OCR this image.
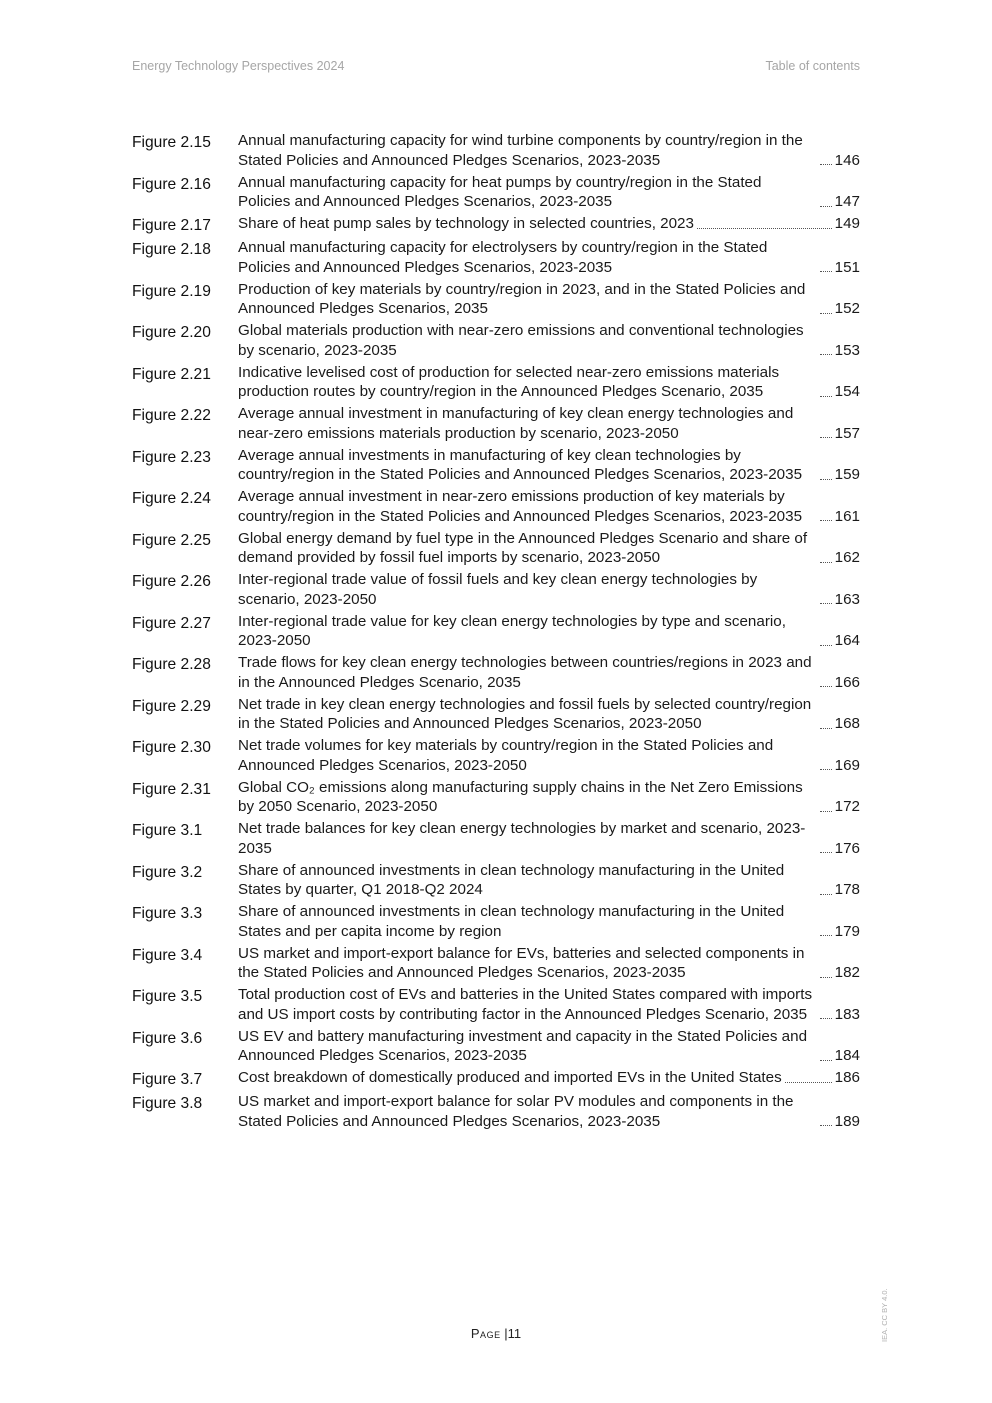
Energy Technology Perspectives 2024	Table of contents
Figure 2.15	Annual manufacturing capacity for wind turbine components by country/region in the Stated Policies and Announced Pledges Scenarios, 2023-2035	146
Figure 2.16	Annual manufacturing capacity for heat pumps by country/region in the Stated Policies and Announced Pledges Scenarios, 2023-2035	147
Figure 2.17	Share of heat pump sales by technology in selected countries, 2023	149
Figure 2.18	Annual manufacturing capacity for electrolysers by country/region in the Stated Policies and Announced Pledges Scenarios, 2023-2035	151
Figure 2.19	Production of key materials by country/region in 2023, and in the Stated Policies and Announced Pledges Scenarios, 2035	152
Figure 2.20	Global materials production with near-zero emissions and conventional technologies by scenario, 2023-2035	153
Figure 2.21	Indicative levelised cost of production for selected near-zero emissions materials production routes by country/region in the Announced Pledges Scenario, 2035	154
Figure 2.22	Average annual investment in manufacturing of key clean energy technologies and near-zero emissions materials production by scenario, 2023-2050	157
Figure 2.23	Average annual investments in manufacturing of key clean technologies by country/region in the Stated Policies and Announced Pledges Scenarios, 2023-2035	159
Figure 2.24	Average annual investment in near-zero emissions production of key materials by country/region in the Stated Policies and Announced Pledges Scenarios, 2023-2035	161
Figure 2.25	Global energy demand by fuel type in the Announced Pledges Scenario and share of demand provided by fossil fuel imports by scenario, 2023-2050	162
Figure 2.26	Inter-regional trade value of fossil fuels and key clean energy technologies by scenario, 2023-2050	163
Figure 2.27	Inter-regional trade value for key clean energy technologies by type and scenario, 2023-2050	164
Figure 2.28	Trade flows for key clean energy technologies between countries/regions in 2023 and in the Announced Pledges Scenario, 2035	166
Figure 2.29	Net trade in key clean energy technologies and fossil fuels by selected country/region in the Stated Policies and Announced Pledges Scenarios, 2023-2050	168
Figure 2.30	Net trade volumes for key materials by country/region in the Stated Policies and Announced Pledges Scenarios, 2023-2050	169
Figure 2.31	Global CO₂ emissions along manufacturing supply chains in the Net Zero Emissions by 2050 Scenario, 2023-2050	172
Figure 3.1	Net trade balances for key clean energy technologies by market and scenario, 2023-2035	176
Figure 3.2	Share of announced investments in clean technology manufacturing in the United States by quarter, Q1 2018-Q2 2024	178
Figure 3.3	Share of announced investments in clean technology manufacturing in the United States and per capita income by region	179
Figure 3.4	US market and import-export balance for EVs, batteries and selected components in the Stated Policies and Announced Pledges Scenarios, 2023-2035	182
Figure 3.5	Total production cost of EVs and batteries in the United States compared with imports and US import costs by contributing factor in the Announced Pledges Scenario, 2035	183
Figure 3.6	US EV and battery manufacturing investment and capacity in the Stated Policies and Announced Pledges Scenarios, 2023-2035	184
Figure 3.7	Cost breakdown of domestically produced and imported EVs in the United States	186
Figure 3.8	US market and import-export balance for solar PV modules and components in the Stated Policies and Announced Pledges Scenarios, 2023-2035	189
Page |11	IEA. CC BY 4.0.
